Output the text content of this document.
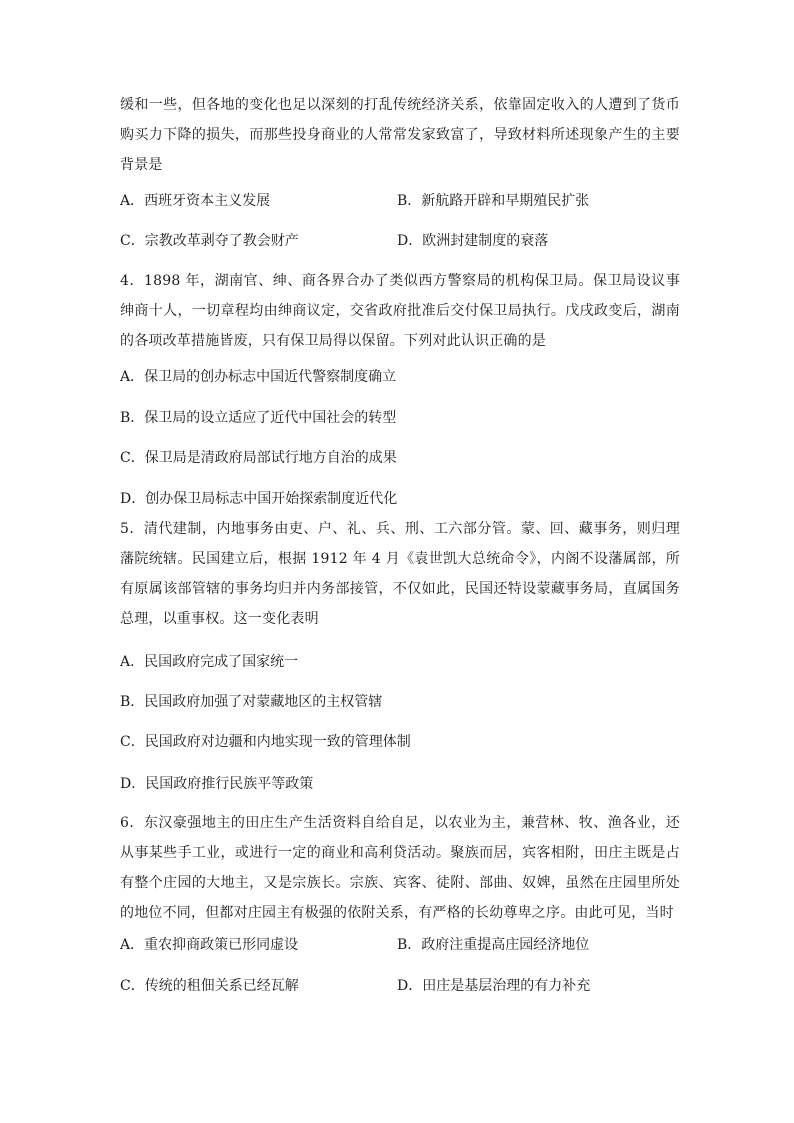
缓和一些，但各地的变化也足以深刻的打乱传统经济关系，依靠固定收入的人遭到了货币购买力下降的损失，而那些投身商业的人常常发家致富了，导致材料所述现象产生的主要背景是

A．西班牙资本主义发展	B．新航路开辟和早期殖民扩张

C．宗教改革剥夺了教会财产	D．欧洲封建制度的衰落

4．1898 年，湖南官、绅、商各界合办了类似西方警察局的机构保卫局。保卫局设议事绅商十人，一切章程均由绅商议定，交省政府批准后交付保卫局执行。戊戌政变后，湖南的各项改革措施皆废，只有保卫局得以保留。下列对此认识正确的是

A．保卫局的创办标志中国近代警察制度确立

B．保卫局的设立适应了近代中国社会的转型

C．保卫局是清政府局部试行地方自治的成果

D．创办保卫局标志中国开始探索制度近代化

5．清代建制，内地事务由吏、户、礼、兵、刑、工六部分管。蒙、回、藏事务，则归理藩院统辖。民国建立后，根据 1912 年 4 月《袁世凯大总统命令》，内阁不设藩属部，所有原属该部管辖的事务均归并内务部接管，不仅如此，民国还特设蒙藏事务局，直属国务总理，以重事权。这一变化表明

A．民国政府完成了国家统一

B．民国政府加强了对蒙藏地区的主权管辖

C．民国政府对边疆和内地实现一致的管理体制

D．民国政府推行民族平等政策

6．东汉豪强地主的田庄生产生活资料自给自足，以农业为主，兼营林、牧、渔各业，还从事某些手工业，或进行一定的商业和高利贷活动。聚族而居，宾客相附，田庄主既是占有整个庄园的大地主，又是宗族长。宗族、宾客、徒附、部曲、奴婢，虽然在庄园里所处的地位不同，但都对庄园主有极强的依附关系，有严格的长幼尊卑之序。由此可见，当时

A．重农抑商政策已形同虚设	B．政府注重提高庄园经济地位

C．传统的租佃关系已经瓦解	D．田庄是基层治理的有力补充
